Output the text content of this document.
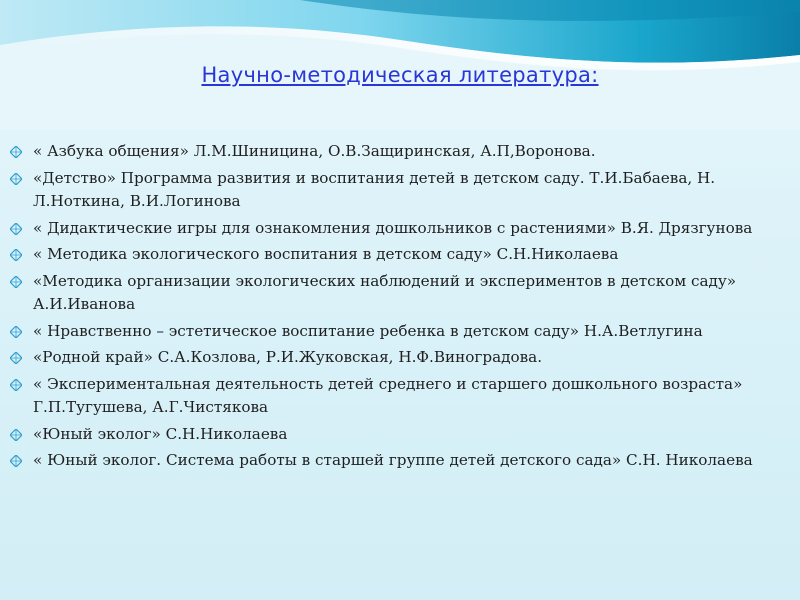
Научно-методическая литература:
« Азбука общения» Л.М.Шиницина, О.В.Защиринская, А.П,Воронова.
«Детство» Программа развития и воспитания детей в детском саду. Т.И.Бабаева, Н. Л.Ноткина, В.И.Логинова
« Дидактические игры для ознакомления дошкольников с растениями» В.Я. Дрязгунова
« Методика экологического воспитания в детском саду» С.Н.Николаева
«Методика организации экологических наблюдений и экспериментов в детском саду» А.И.Иванова
« Нравственно – эстетическое воспитание ребенка в детском саду» Н.А.Ветлугина
«Родной край» С.А.Козлова, Р.И.Жуковская, Н.Ф.Виноградова.
« Экспериментальная деятельность детей среднего и старшего дошкольного возраста» Г.П.Тугушева, А.Г.Чистякова
«Юный эколог» С.Н.Николаева
« Юный эколог. Система работы в старшей группе детей детского сада» С.Н. Николаева
